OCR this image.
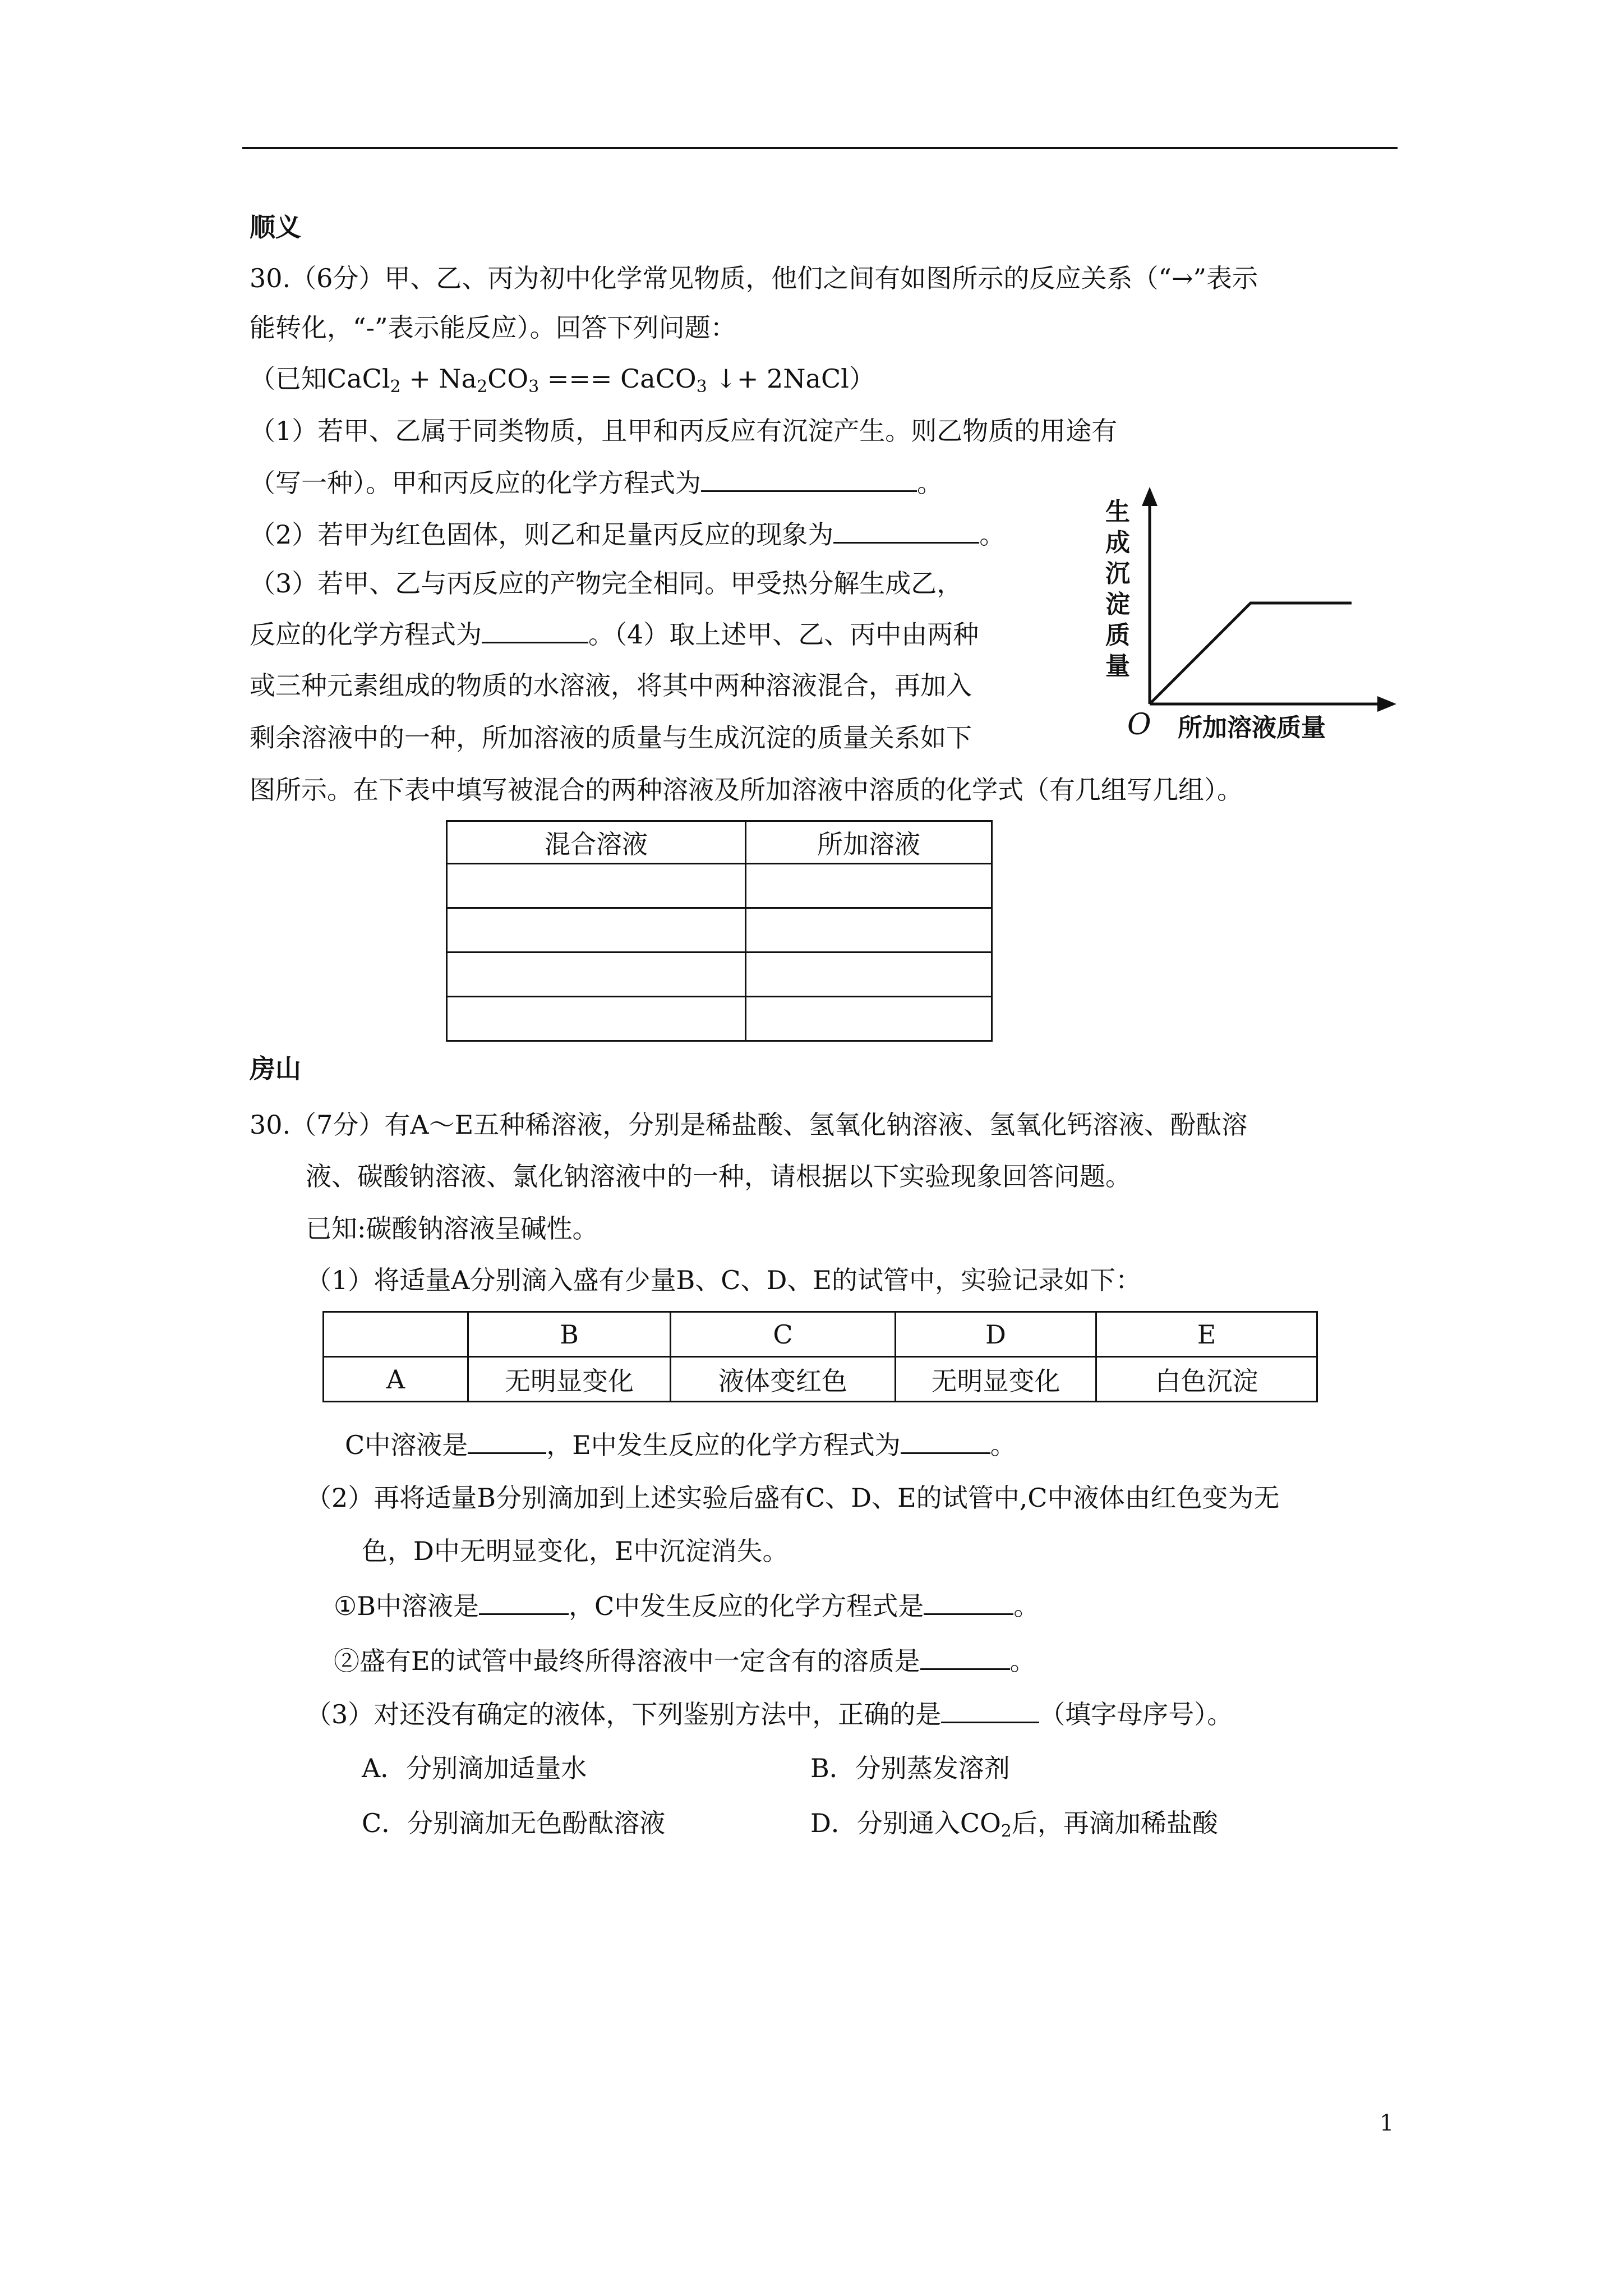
顺义
30.（6分）甲、乙、丙为初中化学常见物质，他们之间有如图所示的反应关系（“→”表示
能转化，“-”表示能反应）。回答下列问题：
（已知CaCl$_2$ + $Na_2CO_3$ === CaCO$_3$ ↓+ 2NaCl）
（1）若甲、乙属于同类物质，且甲和丙反应有沉淀产生。则乙物质的用途有
（写一种）。甲和丙反应的化学方程式为	。
（2）若甲为红色固体，则乙和足量丙反应的现象为	。
（3）若甲、乙与丙反应的产物完全相同。甲受热分解生成乙，
反应的化学方程式为	。（4）取上述甲、乙、丙中由两种
或三种元素组成的物质的水溶液，将其中两种溶液混合，再加入
剩余溶液中的一种，所加溶液的质量与生成沉淀的质量关系如下
图所示。在下表中填写被混合的两种溶液及所加溶液中溶质的化学式（有几组写几组）。
生
成
沉
淀
质
量
O 所加溶液质量
混合溶液	所加溶液

房山
30.（7分）有A～E五种稀溶液，分别是稀盐酸、氢氧化钠溶液、氢氧化钙溶液、酚酞溶
液、碳酸钠溶液、氯化钠溶液中的一种，请根据以下实验现象回答问题。
已知:碳酸钠溶液呈碱性。
（1）将适量A分别滴入盛有少量B、C、D、E的试管中，实验记录如下：
	B	C	D	E
A	无明显变化	液体变红色	无明显变化	白色沉淀
C中溶液是	，E中发生反应的化学方程式为	。
（2）再将适量B分别滴加到上述实验后盛有C、D、E的试管中,C中液体由红色变为无
色，D中无明显变化，E中沉淀消失。
①B中溶液是	，C中发生反应的化学方程式是	。
②盛有E的试管中最终所得溶液中一定含有的溶质是	。
（3）对还没有确定的液体，下列鉴别方法中，正确的是	（填字母序号）。
A．分别滴加适量水	B．分别蒸发溶剂
C．分别滴加无色酚酞溶液	D．分别通入$CO_2$后，再滴加稀盐酸
1
